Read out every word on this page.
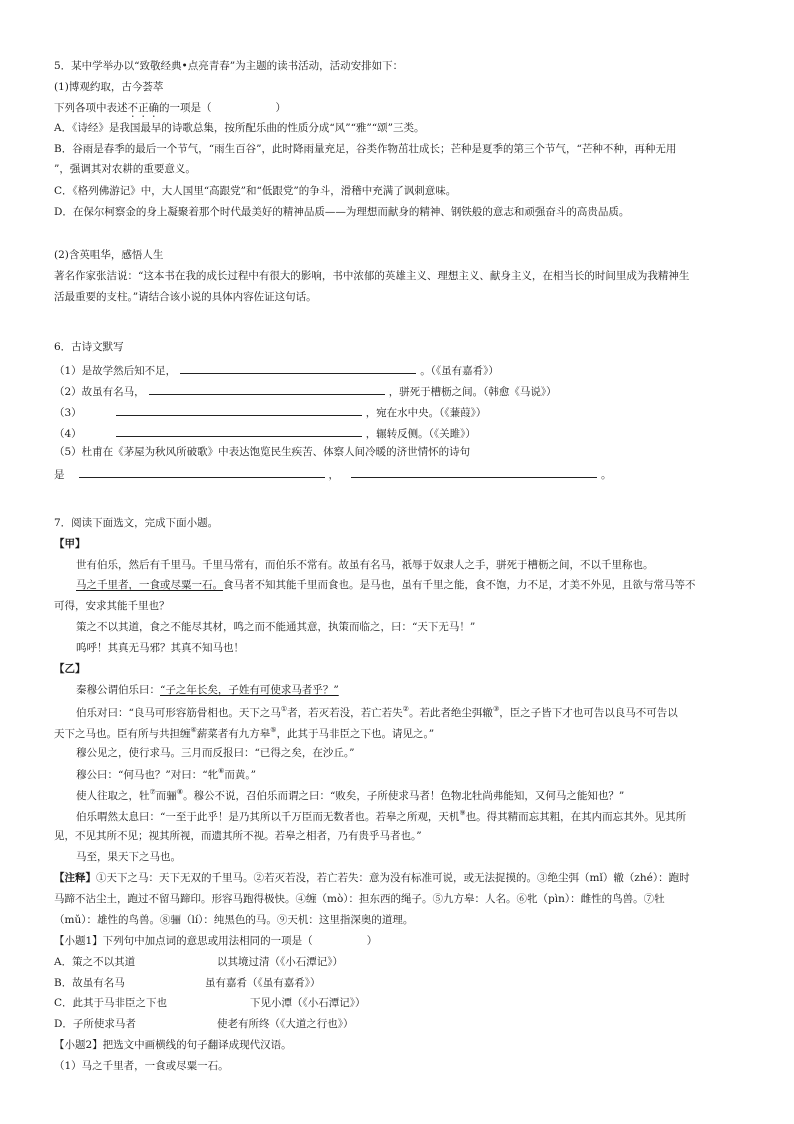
5．某中学举办以“致敬经典•点亮青春”为主题的读书活动，活动安排如下：
(1)博观约取，古今荟萃
下列各项中表述不正确的一项是（	）
A．《诗经》是我国最早的诗歌总集，按所配乐曲的性质分成“风”“雅”“颂”三类。
B．谷雨是春季的最后一个节气，“雨生百谷”，此时降雨量充足，谷类作物茁壮成长；芒种是夏季的第三个节气，“芒种不种，再种无用
”，强调其对农耕的重要意义。
C．《格列佛游记》中，大人国里“高跟党”和“低跟党”的争斗，滑稽中充满了讽刺意味。
D．在保尔柯察金的身上凝聚着那个时代最美好的精神品质——为理想而献身的精神、钢铁般的意志和顽强奋斗的高贵品质。
(2)含英咀华，感悟人生
著名作家张洁说：“这本书在我的成长过程中有很大的影响，书中浓郁的英雄主义、理想主义、献身主义，在相当长的时间里成为我精神生
活最重要的支柱。”请结合该小说的具体内容佐证这句话。
6．古诗文默写
（1）是故学然后知不足，	。（《虽有嘉肴》）
（2）故虽有名马，	，骈死于槽枥之间。（韩愈《马说》）
（3）	，宛在水中央。（《蒹葭》）
（4）	，辗转反侧。（《关雎》）
（5）杜甫在《茅屋为秋风所破歌》中表达饱览民生疾苦、体察人间冷暖的济世情怀的诗句
是	，	。
7．阅读下面选文，完成下面小题。
【甲】
世有伯乐，然后有千里马。千里马常有，而伯乐不常有。故虽有名马，祇辱于奴隶人之手，骈死于槽枥之间，不以千里称也。
马之千里者，一食或尽粟一石。食马者不知其能千里而食也。是马也，虽有千里之能，食不饱，力不足，才美不外见，且欲与常马等不
可得，安求其能千里也？
策之不以其道，食之不能尽其材，鸣之而不能通其意，执策而临之，曰：“天下无马！”
呜呼！其真无马邪？其真不知马也！
【乙】
秦穆公谓伯乐曰：“子之年长矣，子姓有可使求马者乎？”
伯乐对曰：“良马可形容筋骨相也。天下之马①者，若灭若没，若亡若失②。若此者绝尘弭辙③，臣之子皆下才也可告以良马不可告以
天下之马也。臣有所与共担缠④薪菜者有九方皋⑤，此其于马非臣之下也。请见之。”
穆公见之，使行求马。三月而反报曰：“已得之矣，在沙丘。”
穆公曰：“何马也？”对曰：“牝⑥而黄。”
使人往取之，牡⑦而骊⑧。穆公不说，召伯乐而谓之曰：“败矣，子所使求马者！色物北牡尚弗能知，又何马之能知也？”
伯乐喟然太息曰：“一至于此乎！是乃其所以千万臣而无数者也。若皋之所观，天机⑨也。得其精而忘其粗，在其内而忘其外。见其所
见，不见其所不见；视其所视，而遗其所不视。若皋之相者，乃有贵乎马者也。”
马至，果天下之马也。
【注释】①天下之马：天下无双的千里马。②若灭若没，若亡若失：意为没有标准可说，或无法捉摸的。③绝尘弭（mǐ）辙（zhé）：跑时
马蹄不沾尘土，跑过不留马蹄印。形容马跑得极快。④缠（mò）：担东西的绳子。⑤九方皋：人名。⑥牝（pìn）：雌性的鸟兽。⑦牡
（mǔ）：雄性的鸟兽。⑧骊（lí）：纯黑色的马。⑨天机：这里指深奥的道理。
【小题1】下列句中加点词的意思或用法相同的一项是（	）
A．策之不以其道	以其境过清（《小石潭记》）
B．故虽有名马	虽有嘉肴（《虽有嘉肴》）
C．此其于马非臣之下也	下见小潭（《小石潭记》）
D．子所使求马者	使老有所终（《大道之行也》）
【小题2】把选文中画横线的句子翻译成现代汉语。
（1）马之千里者，一食或尽粟一石。
